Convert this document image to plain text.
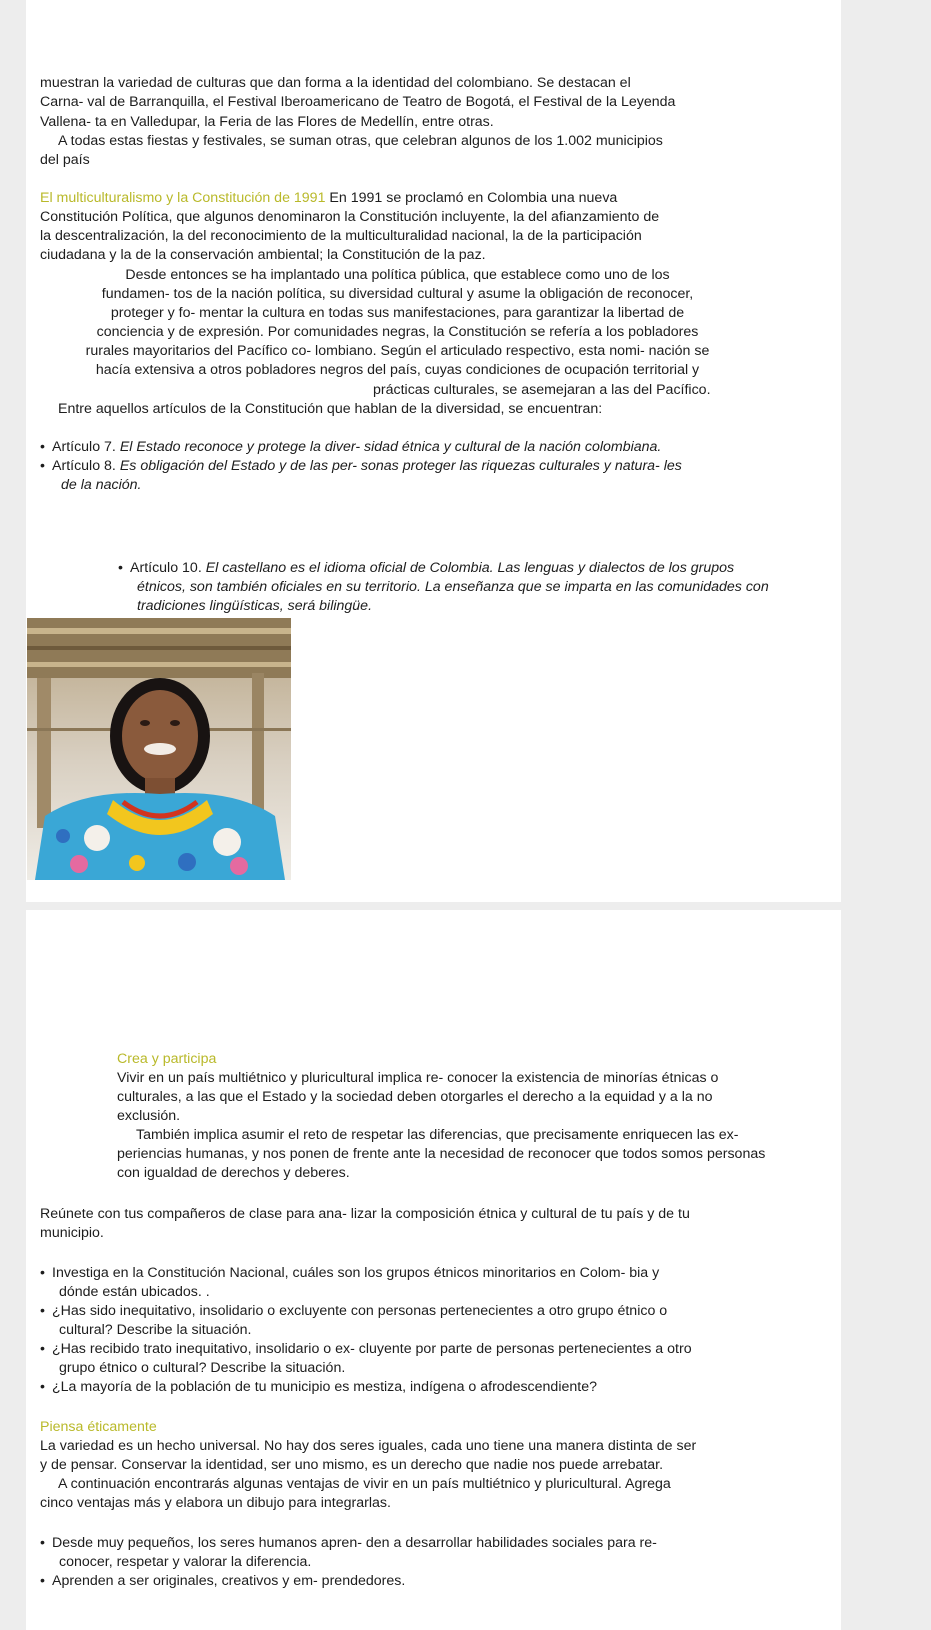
muestran la variedad de culturas que dan forma a la identidad del colombiano. Se destacan el

Carna- val de Barranquilla, el Festival Iberoamericano de Teatro de Bogotá, el Festival de la Leyenda

Vallena- ta en Valledupar, la Feria de las Flores de Medellín, entre otras.

A todas estas fiestas y festivales, se suman otras, que celebran algunos de los 1.002 municipios

del país

El multiculturalismo y la Constitución de 1991 En 1991 se proclamó en Colombia una nueva

Constitución Política, que algunos denominaron la Constitución incluyente, la del afianzamiento de

la descentralización, la del reconocimiento de la multiculturalidad nacional, la de la participación

ciudadana y la de la conservación ambiental; la Constitución de la paz.

Desde entonces se ha implantado una política pública, que establece como uno de los

fundamen- tos de la nación política, su diversidad cultural y asume la obligación de reconocer,

proteger y fo- mentar la cultura en todas sus manifestaciones, para garantizar la libertad de

conciencia y de expresión. Por comunidades negras, la Constitución se refería a los pobladores

rurales mayoritarios del Pacífico co- lombiano. Según el articulado respectivo, esta nomi- nación se

hacía extensiva a otros pobladores negros del país, cuyas condiciones de ocupación territorial y

prácticas culturales, se asemejaran a las del Pacífico.

Entre aquellos artículos de la Constitución que hablan de la diversidad, se encuentran:

• Artículo 7. El Estado reconoce y protege la diver- sidad étnica y cultural de la nación colombiana.

• Artículo 8. Es obligación del Estado y de las per- sonas proteger las riquezas culturales y natura- les

de la nación.

• Artículo 10. El castellano es el idioma oficial de Colombia. Las lenguas y dialectos de los grupos

étnicos, son también oficiales en su territorio. La enseñanza que se imparta en las comunidades con

tradiciones lingüísticas, será bilingüe.

Crea y participa

Vivir en un país multiétnico y pluricultural implica re- conocer la existencia de minorías étnicas o

culturales, a las que el Estado y la sociedad deben otorgarles el derecho a la equidad y a la no

exclusión.

También implica asumir el reto de respetar las diferencias, que precisamente enriquecen las ex-

periencias humanas, y nos ponen de frente ante la necesidad de reconocer que todos somos personas

con igualdad de derechos y deberes.

Reúnete con tus compañeros de clase para ana- lizar la composición étnica y cultural de tu país y de tu

municipio.

• Investiga en la Constitución Nacional, cuáles son los grupos étnicos minoritarios en Colom- bia y

dónde están ubicados. .

• ¿Has sido inequitativo, insolidario o excluyente con personas pertenecientes a otro grupo étnico o

cultural? Describe la situación.

• ¿Has recibido trato inequitativo, insolidario o ex- cluyente por parte de personas pertenecientes a otro

grupo étnico o cultural? Describe la situación.

• ¿La mayoría de la población de tu municipio es mestiza, indígena o afrodescendiente?

Piensa éticamente

La variedad es un hecho universal. No hay dos seres iguales, cada uno tiene una manera distinta de ser

y de pensar. Conservar la identidad, ser uno mismo, es un derecho que nadie nos puede arrebatar.

A continuación encontrarás algunas ventajas de vivir en un país multiétnico y pluricultural. Agrega

cinco ventajas más y elabora un dibujo para integrarlas.

• Desde muy pequeños, los seres humanos apren- den a desarrollar habilidades sociales para re-

conocer, respetar y valorar la diferencia.

• Aprenden a ser originales, creativos y em- prendedores.
